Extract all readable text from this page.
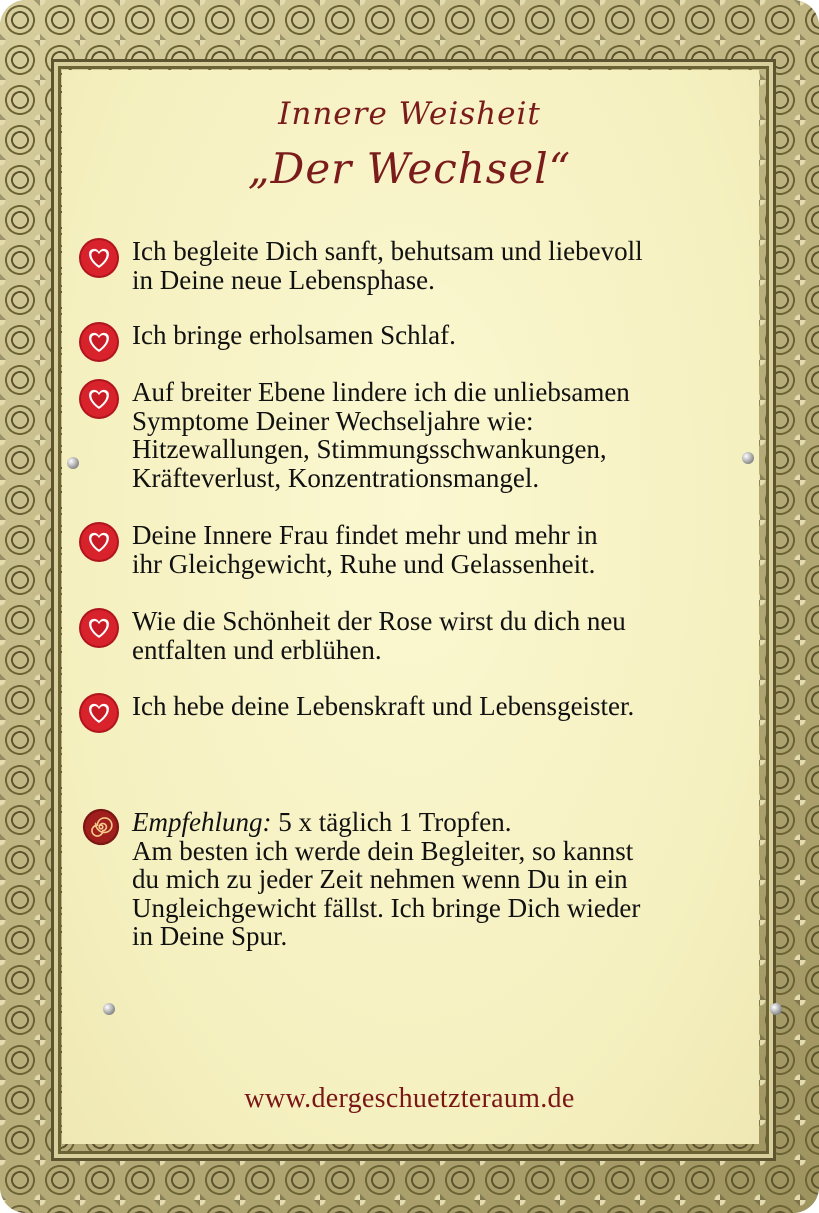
Innere Weisheit
„Der Wechsel“
Ich begleite Dich sanft, behutsam und liebevoll
in Deine neue Lebensphase.
Ich bringe erholsamen Schlaf.
Auf breiter Ebene lindere ich die unliebsamen
Symptome Deiner Wechseljahre wie:
Hitzewallungen, Stimmungsschwankungen,
Kräfteverlust, Konzentrationsmangel.
Deine Innere Frau findet mehr und mehr in
ihr Gleichgewicht, Ruhe und Gelassenheit.
Wie die Schönheit der Rose wirst du dich neu
entfalten und erblühen.
Ich hebe deine Lebenskraft und Lebensgeister.
Empfehlung: 5 x täglich 1 Tropfen.
Am besten ich werde dein Begleiter, so kannst
du mich zu jeder Zeit nehmen wenn Du in ein
Ungleichgewicht fällst. Ich bringe Dich wieder
in Deine Spur.
www.dergeschuetzteraum.de
